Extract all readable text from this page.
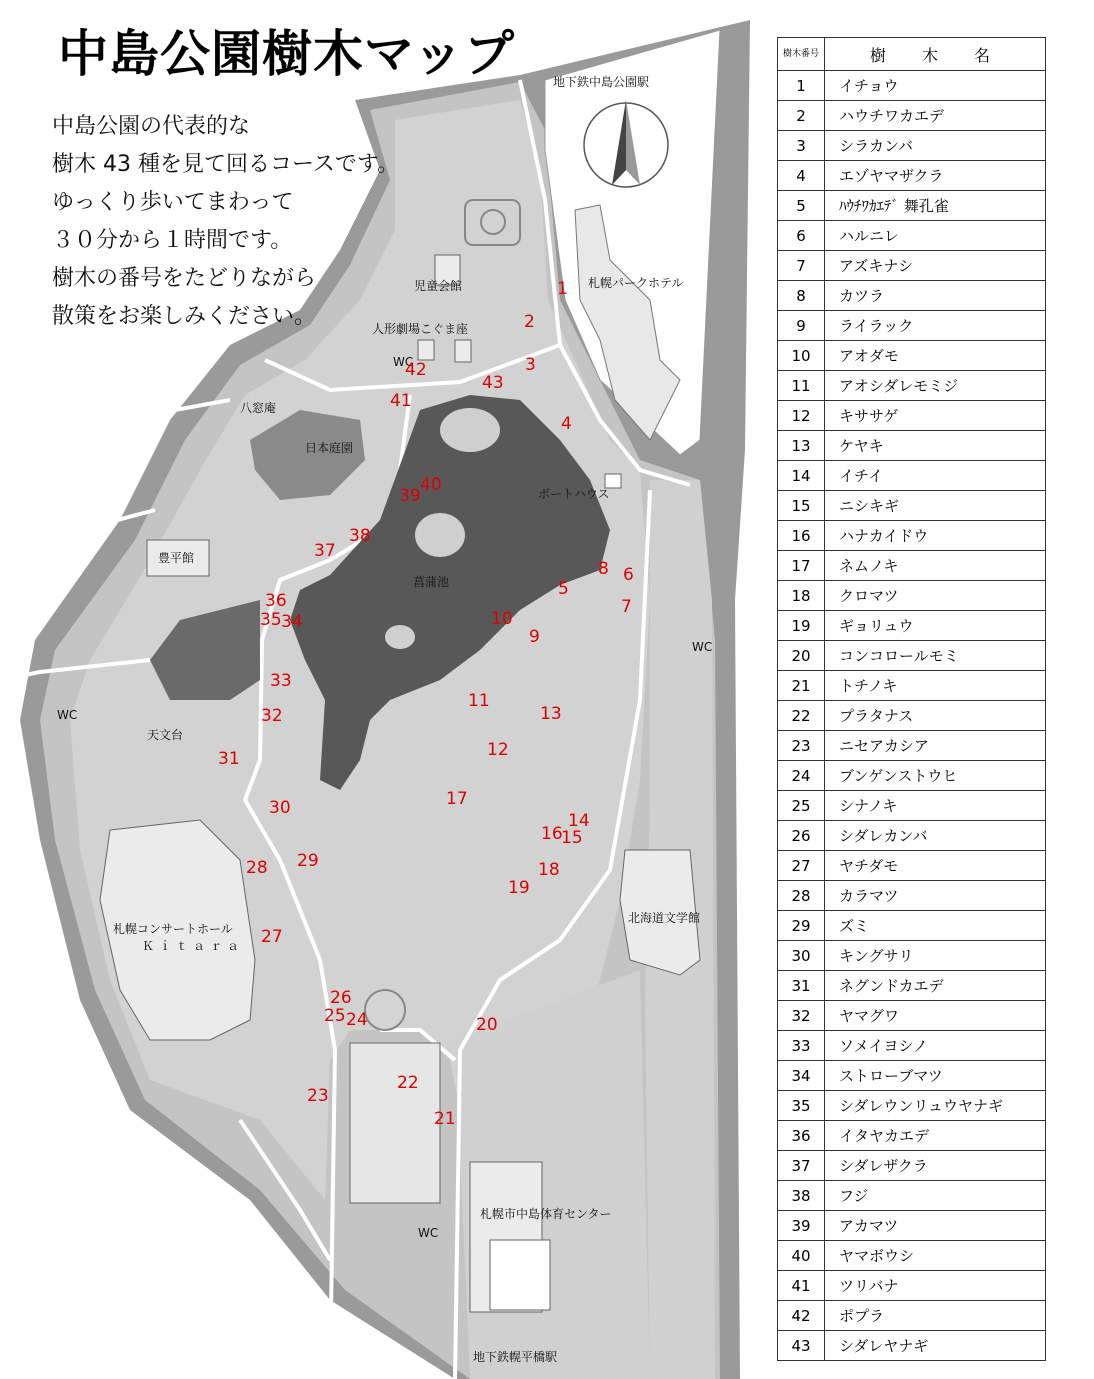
地下鉄中島公園駅
地下鉄幌平橋駅
札幌パークホテル
児童会館
人形劇場こぐま座
八窓庵
日本庭園
ボートハウス
菖蒲池
豊平館
天文台
札幌コンサートホール
Ｋｉｔａｒａ
北海道文学館
札幌市中島体育センター
WC
WC
WC
WC
1
2
3
4
5
6
7
8
9
10
11
12
13
14
15
16
17
18
19
20
21
22
23
24
25
26
27
28 29
30
31
32
33
34
35
36
37
38
39
40
41
42
43
中島公園樹木マップ
中島公園の代表的な
樹木 43 種を見て回るコースです。
ゆっくり歩いてまわって
３０分から１時間です。
樹木の番号をたどりながら
散策をお楽しみください。
樹木番号	樹　木　名
1	イチョウ
2	ハウチワカエデ
3	シラカンバ
4	エゾヤマザクラ
5	ﾊｳﾁﾜｶｴﾃﾞ 舞孔雀
6	ハルニレ
7	アズキナシ
8	カツラ
9	ライラック
10	アオダモ
11	アオシダレモミジ
12	キササゲ
13	ケヤキ
14	イチイ
15	ニシキギ
16	ハナカイドウ
17	ネムノキ
18	クロマツ
19	ギョリュウ
20	コンコロールモミ
21	トチノキ
22	プラタナス
23	ニセアカシア
24	ブンゲンストウヒ
25	シナノキ
26	シダレカンバ
27	ヤチダモ
28	カラマツ
29	ズミ
30	キングサリ
31	ネグンドカエデ
32	ヤマグワ
33	ソメイヨシノ
34	ストローブマツ
35	シダレウンリュウヤナギ
36	イタヤカエデ
37	シダレザクラ
38	フジ
39	アカマツ
40	ヤマボウシ
41	ツリバナ
42	ポプラ
43	シダレヤナギ
